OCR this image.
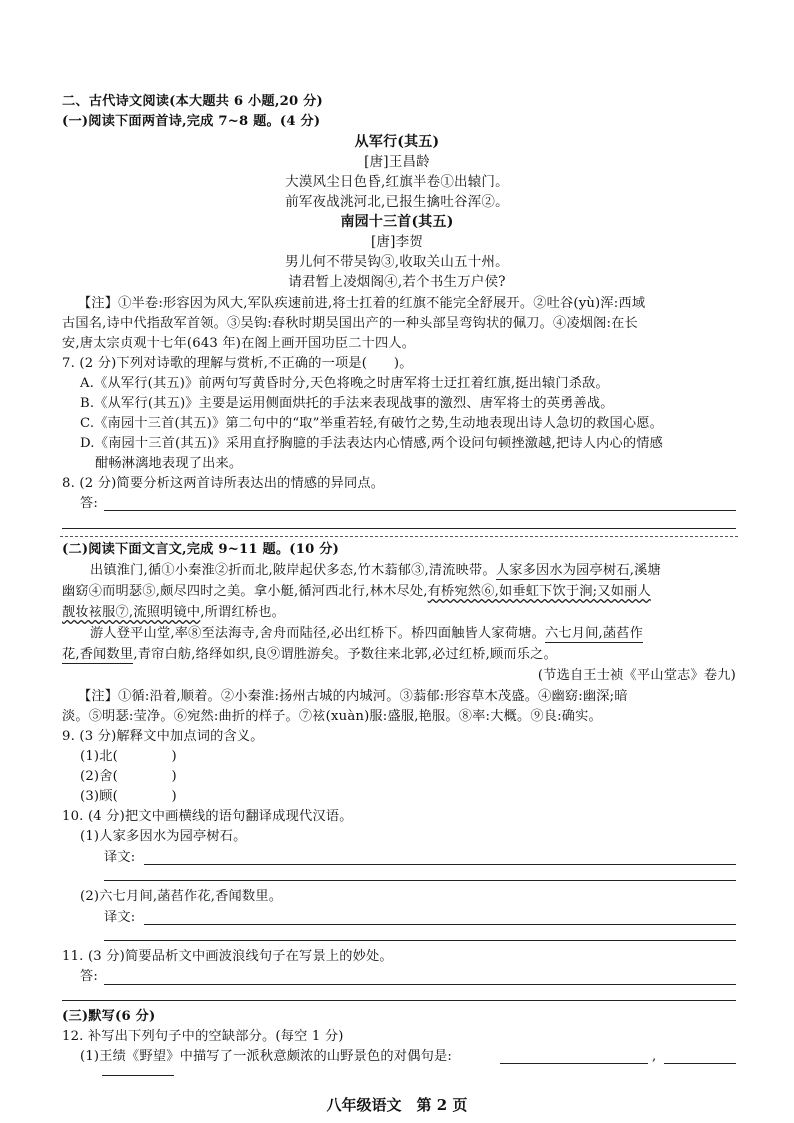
二、古代诗文阅读(本大题共 6 小题,20 分)
(一)阅读下面两首诗,完成 7~8 题。(4 分)
从军行(其五)
[唐]王昌龄
大漠风尘日色昏,红旗半卷①出辕门。
前军夜战洮河北,已报生擒吐谷浑②。
南园十三首(其五)
[唐]李贺
男儿何不带吴钩③,收取关山五十州。
请君暂上凌烟阁④,若个书生万户侯?
【注】①半卷:形容因为风大,军队疾速前进,将士扛着的红旗不能完全舒展开。②吐谷(yù)浑:西域
古国名,诗中代指敌军首领。③吴钩:春秋时期吴国出产的一种头部呈弯钩状的佩刀。④凌烟阁:在长
安,唐太宗贞观十七年(643 年)在阁上画开国功臣二十四人。
7. (2 分)下列对诗歌的理解与赏析,不正确的一项是(　　)。
A.《从军行(其五)》前两句写黄昏时分,天色将晚之时唐军将士迂扛着红旗,挺出辕门杀敌。
B.《从军行(其五)》主要是运用侧面烘托的手法来表现战事的激烈、唐军将士的英勇善战。
C.《南园十三首(其五)》第二句中的“取”举重若轻,有破竹之势,生动地表现出诗人急切的救国心愿。
D.《南园十三首(其五)》采用直抒胸臆的手法表达内心情感,两个设问句顿挫激越,把诗人内心的情感
酣畅淋漓地表现了出来。
8. (2 分)简要分析这两首诗所表达出的情感的异同点。
答:
(二)阅读下面文言文,完成 9~11 题。(10 分)
出镇淮门,循①小秦淮②折而北,陂岸起伏多态,竹木蓊郁③,清流映带。人家多因水为园亭树石,溪塘
幽窈④而明瑟⑤,颇尽四时之美。拿小艇,循河西北行,林木尽处,有桥宛然⑥,如垂虹下饮于涧;又如丽人
靓妆袨服⑦,流照明镜中,所谓红桥也。
游人登平山堂,率⑧至法海寺,舍舟而陆径,必出红桥下。桥四面触皆人家荷塘。六七月间,菡萏作
花,香闻数里,青帘白舫,络绎如织,良⑨谓胜游矣。予数往来北郭,必过红桥,顾而乐之。
(节选自王士祯《平山堂志》卷九)
【注】①循:沿着,顺着。②小秦淮:扬州古城的内城河。③蓊郁:形容草木茂盛。④幽窈:幽深;暗
淡。⑤明瑟:莹净。⑥宛然:曲折的样子。⑦袨(xuàn)服:盛服,艳服。⑧率:大概。⑨良:确实。
9. (3 分)解释文中加点词的含义。
(1)北(　　　　)
(2)舍(　　　　)
(3)顾(　　　　)
10. (4 分)把文中画横线的语句翻译成现代汉语。
(1)人家多因水为园亭树石。
译文:
(2)六七月间,菡萏作花,香闻数里。
译文:
11. (3 分)简要品析文中画波浪线句子在写景上的妙处。
答:
(三)默写(6 分)
12. 补写出下列句子中的空缺部分。(每空 1 分)
(1)王绩《野望》中描写了一派秋意颇浓的山野景色的对偶句是:	,
八年级语文　第 2 页
